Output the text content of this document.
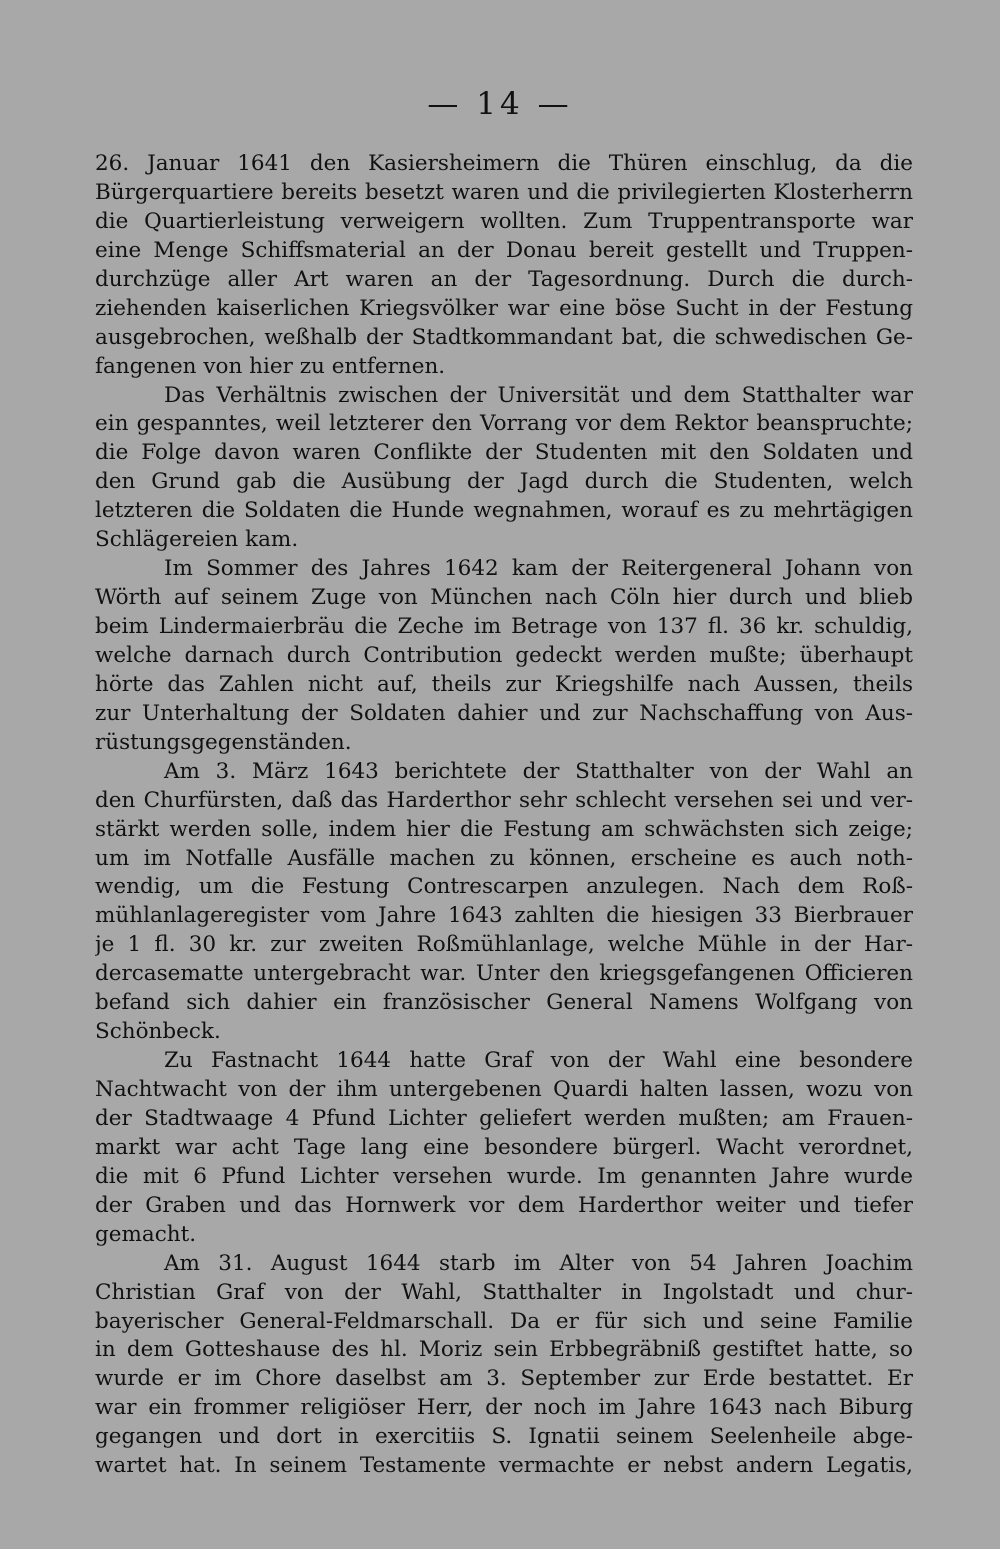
— 14 —
26. Januar 1641 den Kasiersheimern die Thüren einschlug, da die
Bürgerquartiere bereits besetzt waren und die privilegierten Klosterherrn
die Quartierleistung verweigern wollten. Zum Truppentransporte war
eine Menge Schiffsmaterial an der Donau bereit gestellt und Truppen-
durchzüge aller Art waren an der Tagesordnung. Durch die durch-
ziehenden kaiserlichen Kriegsvölker war eine böse Sucht in der Festung
ausgebrochen, weßhalb der Stadtkommandant bat, die schwedischen Ge-
fangenen von hier zu entfernen.
Das Verhältnis zwischen der Universität und dem Statthalter war
ein gespanntes, weil letzterer den Vorrang vor dem Rektor beanspruchte;
die Folge davon waren Conflikte der Studenten mit den Soldaten und
den Grund gab die Ausübung der Jagd durch die Studenten, welch
letzteren die Soldaten die Hunde wegnahmen, worauf es zu mehrtägigen
Schlägereien kam.
Im Sommer des Jahres 1642 kam der Reitergeneral Johann von
Wörth auf seinem Zuge von München nach Cöln hier durch und blieb
beim Lindermaierbräu die Zeche im Betrage von 137 fl. 36 kr. schuldig,
welche darnach durch Contribution gedeckt werden mußte; überhaupt
hörte das Zahlen nicht auf, theils zur Kriegshilfe nach Aussen, theils
zur Unterhaltung der Soldaten dahier und zur Nachschaffung von Aus-
rüstungsgegenständen.
Am 3. März 1643 berichtete der Statthalter von der Wahl an
den Churfürsten, daß das Harderthor sehr schlecht versehen sei und ver-
stärkt werden solle, indem hier die Festung am schwächsten sich zeige;
um im Notfalle Ausfälle machen zu können, erscheine es auch noth-
wendig, um die Festung Contrescarpen anzulegen. Nach dem Roß-
mühlanlageregister vom Jahre 1643 zahlten die hiesigen 33 Bierbrauer
je 1 fl. 30 kr. zur zweiten Roßmühlanlage, welche Mühle in der Har-
dercasematte untergebracht war. Unter den kriegsgefangenen Officieren
befand sich dahier ein französischer General Namens Wolfgang von
Schönbeck.
Zu Fastnacht 1644 hatte Graf von der Wahl eine besondere
Nachtwacht von der ihm untergebenen Quardi halten lassen, wozu von
der Stadtwaage 4 Pfund Lichter geliefert werden mußten; am Frauen-
markt war acht Tage lang eine besondere bürgerl. Wacht verordnet,
die mit 6 Pfund Lichter versehen wurde. Im genannten Jahre wurde
der Graben und das Hornwerk vor dem Harderthor weiter und tiefer
gemacht.
Am 31. August 1644 starb im Alter von 54 Jahren Joachim
Christian Graf von der Wahl, Statthalter in Ingolstadt und chur-
bayerischer General-Feldmarschall. Da er für sich und seine Familie
in dem Gotteshause des hl. Moriz sein Erbbegräbniß gestiftet hatte, so
wurde er im Chore daselbst am 3. September zur Erde bestattet. Er
war ein frommer religiöser Herr, der noch im Jahre 1643 nach Biburg
gegangen und dort in exercitiis S. Ignatii seinem Seelenheile abge-
wartet hat. In seinem Testamente vermachte er nebst andern Legatis,
